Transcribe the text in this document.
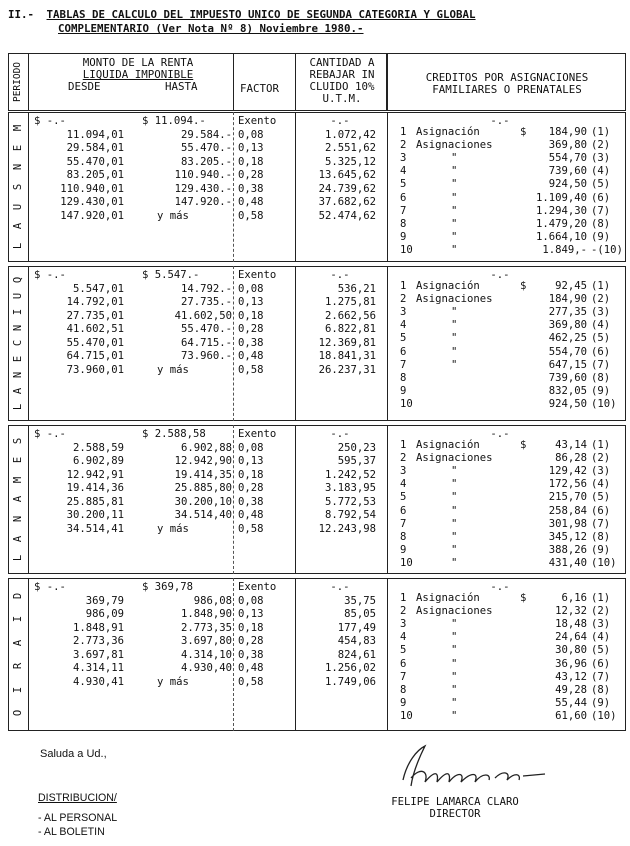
II.- TABLAS DE CALCULO DEL IMPUESTO UNICO DE SEGUNDA CATEGORIA Y GLOBAL
COMPLEMENTARIO (Ver Nota Nº 8) Noviembre 1980.-
PERIODO	MONTO DE LA RENTA
LIQUIDA IMPONIBLE
DESDE	HASTA	FACTOR
CANTIDAD A
REBAJAR IN
CLUIDO 10%
U.T.M.
CREDITOS POR ASIGNACIONES
FAMILIARES O PRENATALES
M
E
N
S
U
A
L
$ -.-	$ 11.094.-	Exento	-.-
11.094,01	29.584.- 0,08	1.072,42
29.584,01	55.470.- 0,13	2.551,62
55.470,01	83.205.- 0,18	5.325,12
83.205,01	110.940.- 0,28	13.645,62
110.940,01	129.430.- 0,38	24.739,62
129.430,01	147.920.- 0,48	37.682,62
147.920,01	y más	0,58	52.474,62
-.-
1 Asignación	$	184,90 (1)
2 Asignaciones	369,80 (2)
3	"	554,70 (3)
4	"	739,60 (4)
5	"	924,50 (5)
6	"	1.109,40 (6)
7	"	1.294,30 (7)
8	"	1.479,20 (8)
9	"	1.664,10 (9)
10	"	1.849,- -(10)
Q
U
I
N
C
E
N
A
L
$ -.-	$ 5.547.-	Exento	-.-
5.547,01	14.792.- 0,08	536,21
14.792,01	27.735.- 0,13	1.275,81
27.735,01	41.602,50 0,18	2.662,56
41.602,51	55.470.- 0,28	6.822,81
55.470,01	64.715.- 0,38	12.369,81
64.715,01	73.960.- 0,48	18.841,31
73.960,01	y más	0,58	26.237,31
-.-
1 Asignación	$	92,45 (1)
2 Asignaciones	184,90 (2)
3	"	277,35 (3)
4	"	369,80 (4)
5	"	462,25 (5)
6	"	554,70 (6)
7	"	647,15 (7)
8	739,60 (8)
9	832,05 (9)
10	924,50 (10)
S
E
M
A
N
A
L
$ -.-	$ 2.588,58	Exento	-.-
2.588,59	6.902,88 0,08	250,23
6.902,89	12.942,90 0,13	595,37
12.942,91	19.414,35 0,18	1.242,52
19.414,36	25.885,80 0,28	3.183,95
25.885,81	30.200,10 0,38	5.772,53
30.200,11	34.514,40 0,48	8.792,54
34.514,41	y más	0,58	12.243,98
-.-
1 Asignación	$	43,14 (1)
2 Asignaciones	86,28 (2)
3	"	129,42 (3)
4	"	172,56 (4)
5	"	215,70 (5)
6	"	258,84 (6)
7	"	301,98 (7)
8	"	345,12 (8)
9	"	388,26 (9)
10	"	431,40 (10)
D
I
A
R
I
O
$ -.-	$ 369,78	Exento	-.-
369,79	986,08 0,08	35,75
986,09	1.848,90 0,13	85,05
1.848,91	2.773,35 0,18	177,49
2.773,36	3.697,80 0,28	454,83
3.697,81	4.314,10 0,38	824,61
4.314,11	4.930,40 0,48	1.256,02
4.930,41	y más	0,58	1.749,06
-.-
1 Asignación	$	6,16 (1)
2 Asignaciones	12,32 (2)
3	"	18,48 (3)
4	"	24,64 (4)
5	"	30,80 (5)
6	"	36,96 (6)
7	"	43,12 (7)
8	"	49,28 (8)
9	"	55,44 (9)
10	"	61,60 (10)
Saluda a Ud.,
FELIPE LAMARCA CLARO
DIRECTOR
DISTRIBUCION/
- AL PERSONAL
- AL BOLETIN
